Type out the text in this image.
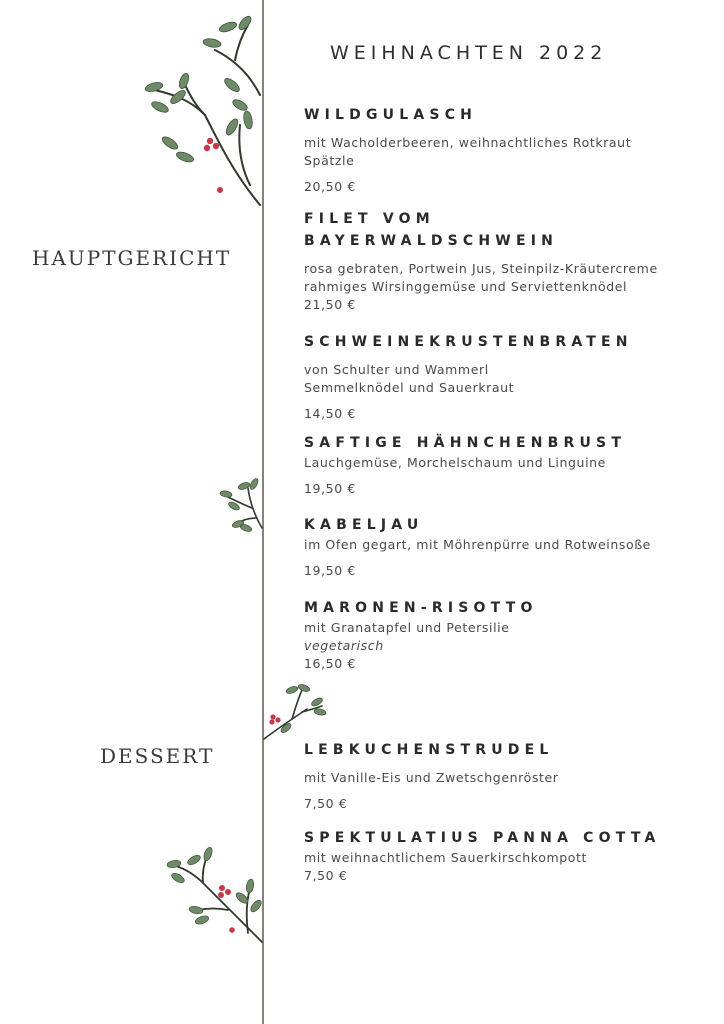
WEIHNACHTEN 2022
HAUPTGERICHT
DESSERT
WILDGULASCH
mit Wacholderbeeren, weihnachtliches Rotkraut
Spätzle
20,50 €
FILET VOM
BAYERWALDSCHWEIN
rosa gebraten, Portwein Jus, Steinpilz-Kräutercreme
rahmiges Wirsinggemüse und Serviettenknödel
21,50 €
SCHWEINEKRUSTENBRATEN
von Schulter und Wammerl
Semmelknödel und Sauerkraut
14,50 €
SAFTIGE HÄHNCHENBRUST
Lauchgemüse, Morchelschaum und Linguine
19,50 €
KABELJAU
im Ofen gegart, mit Möhrenpürre und Rotweinsoße
19,50 €
MARONEN-RISOTTO
mit Granatapfel und Petersilie
vegetarisch
16,50 €
LEBKUCHENSTRUDEL
mit Vanille-Eis und Zwetschgenröster
7,50 €
SPEKTULATIUS PANNA COTTA
mit weihnachtlichem Sauerkirschkompott
7,50 €
